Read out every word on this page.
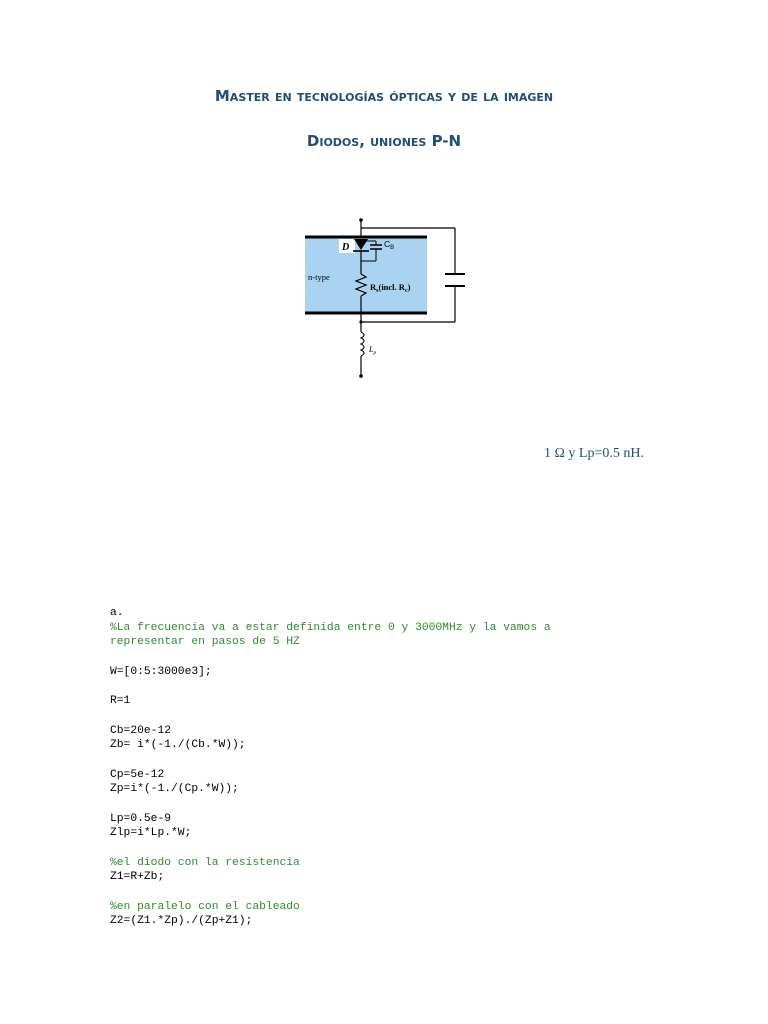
Master en tecnologías ópticas y de la imagen
Diodos, uniones P-N
D	$C_B$
n-type
$R_s(incl$. $R_c$)
$L_p$
1 Ω y Lp=0.5 nH.
a.
%La frecuencia va a estar definida entre 0 y 3000MHz y la vamos a
representar en pasos de 5 HZ
W=[0:5:3000e3];
R=1
Cb=20e-12
Zb= i*(-1./(Cb.*W));
Cp=5e-12
Zp=i*(-1./(Cp.*W));
Lp=0.5e-9
Zlp=i*Lp.*W;
%el diodo con la resistencia
Z1=R+Zb;
%en paralelo con el cableado
Z2=(Z1.*Zp)./(Zp+Z1);
